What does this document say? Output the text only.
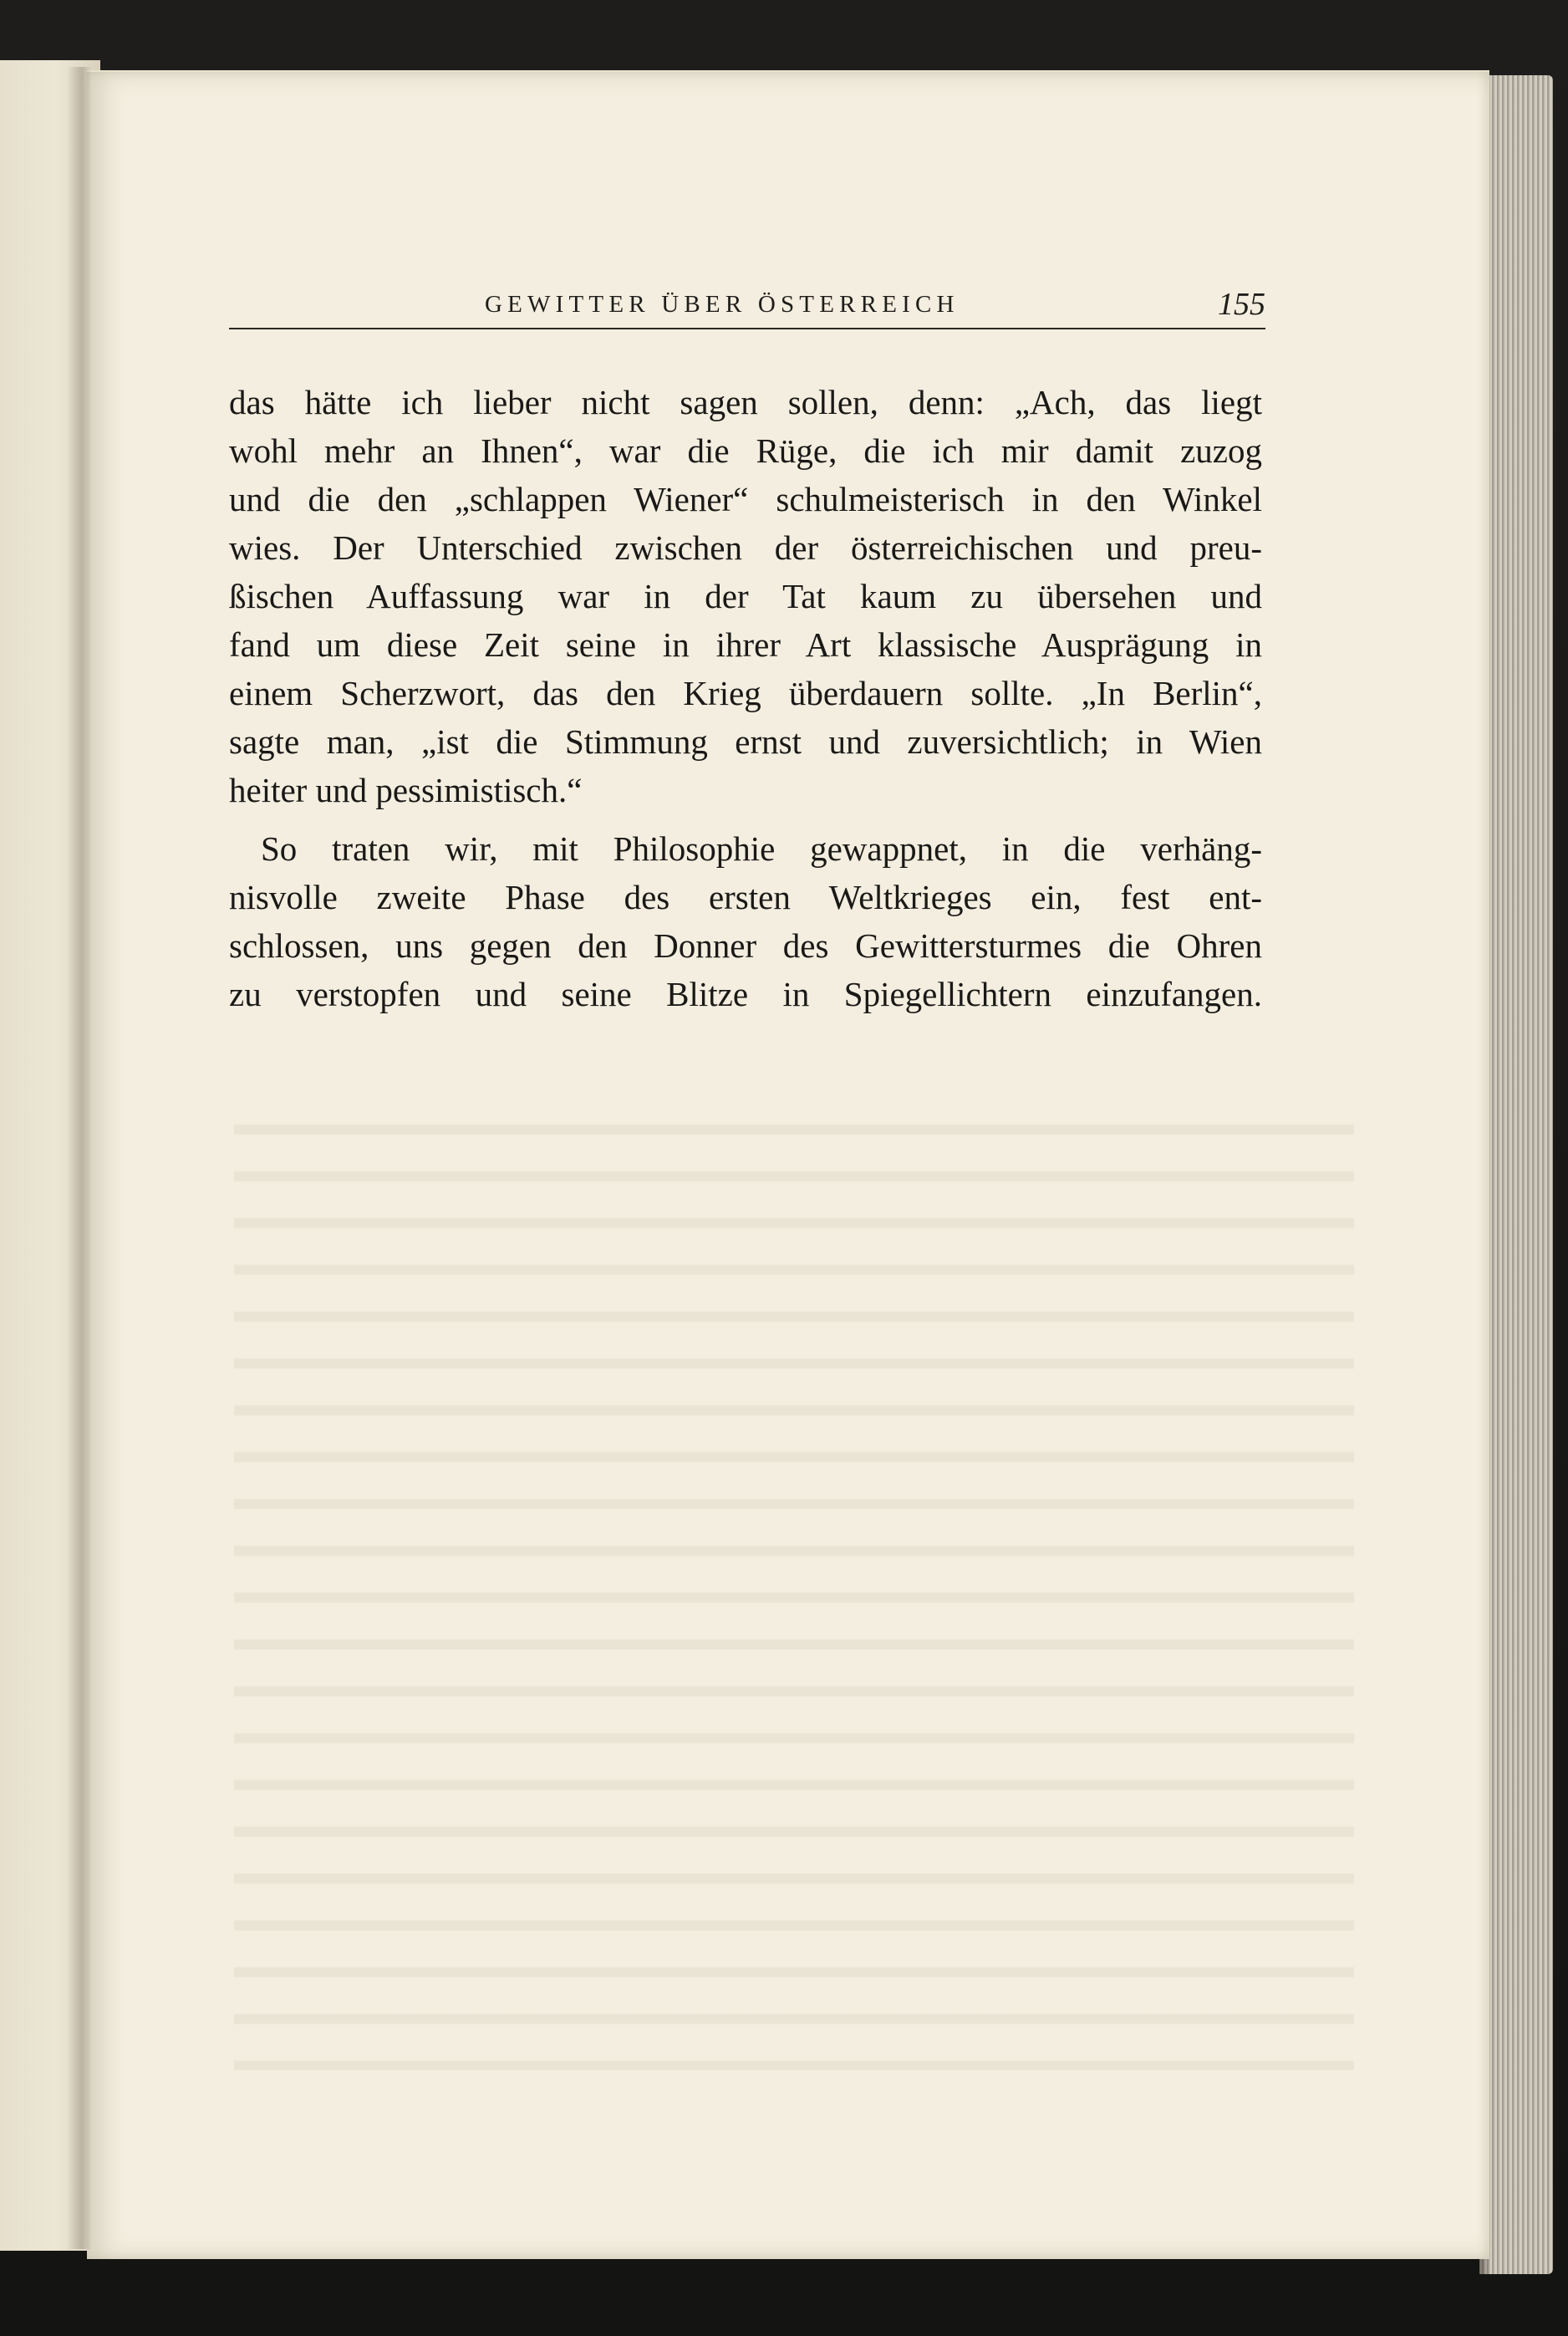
GEWITTER ÜBER ÖSTERREICH	155
das hätte ich lieber nicht sagen sollen, denn: „Ach, das liegt
wohl mehr an Ihnen“, war die Rüge, die ich mir damit zuzog
und die den „schlappen Wiener“ schulmeisterisch in den Winkel
wies. Der Unterschied zwischen der österreichischen und preu-
ßischen Auffassung war in der Tat kaum zu übersehen und
fand um diese Zeit seine in ihrer Art klassische Ausprägung in
einem Scherzwort, das den Krieg überdauern sollte. „In Berlin“,
sagte man, „ist die Stimmung ernst und zuversichtlich; in Wien
heiter und pessimistisch.“
So traten wir, mit Philosophie gewappnet, in die verhäng-
nisvolle zweite Phase des ersten Weltkrieges ein, fest ent-
schlossen, uns gegen den Donner des Gewittersturmes die Ohren
zu verstopfen und seine Blitze in Spiegellichtern einzufangen.
